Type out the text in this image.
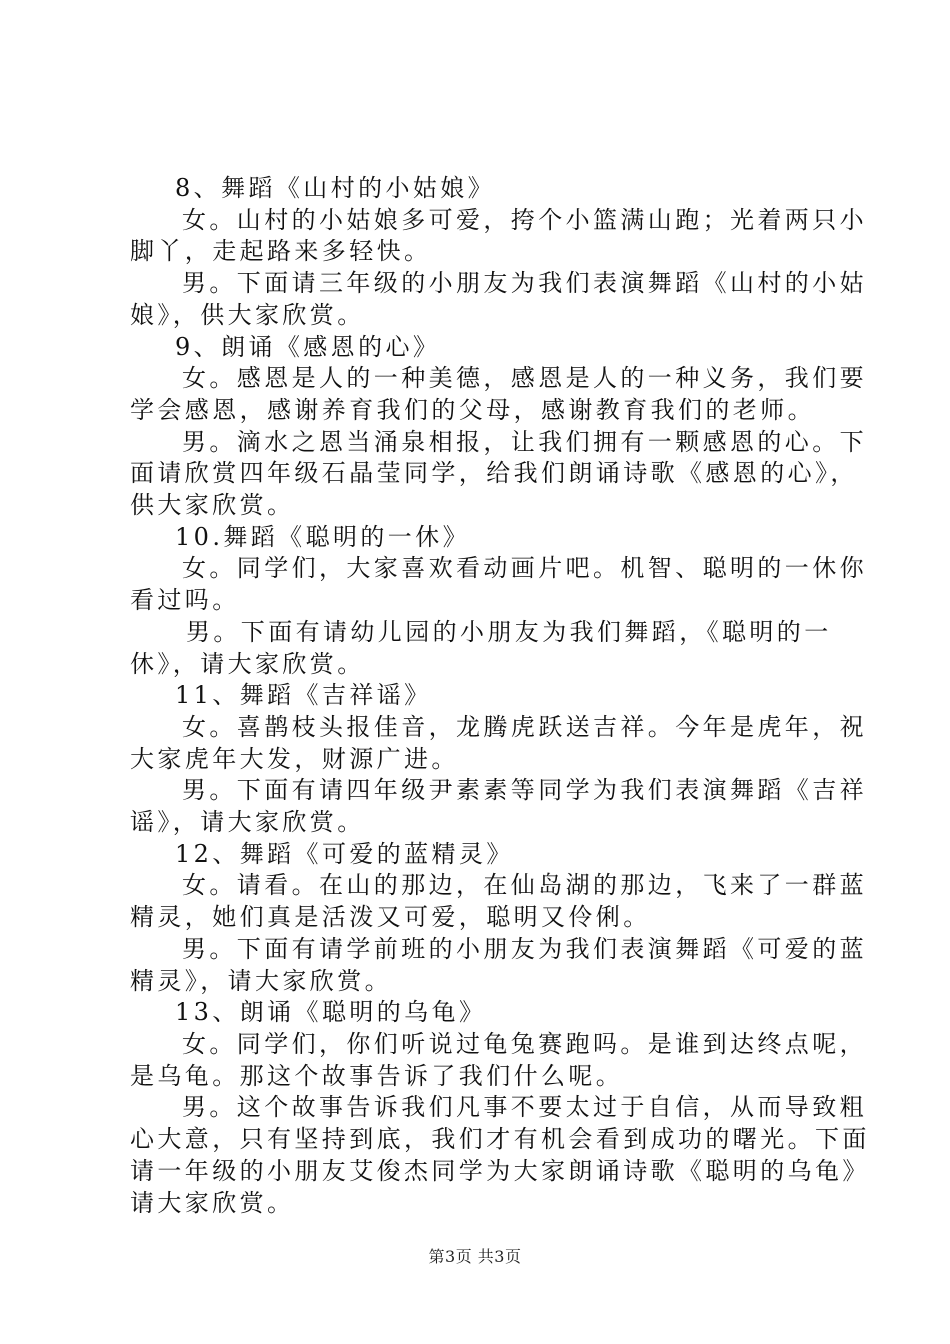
8、舞蹈《山村的小姑娘》
女。山村的小姑娘多可爱，挎个小篮满山跑；光着两只小
脚丫，走起路来多轻快。
男。下面请三年级的小朋友为我们表演舞蹈《山村的小姑
娘》，供大家欣赏。
9、朗诵《感恩的心》
女。感恩是人的一种美德，感恩是人的一种义务，我们要
学会感恩，感谢养育我们的父母，感谢教育我们的老师。
男。滴水之恩当涌泉相报，让我们拥有一颗感恩的心。下
面请欣赏四年级石晶莹同学，给我们朗诵诗歌《感恩的心》，
供大家欣赏。
10.舞蹈《聪明的一休》
女。同学们，大家喜欢看动画片吧。机智、聪明的一休你
看过吗。
男。下面有请幼儿园的小朋友为我们舞蹈，《聪明的一
休》，请大家欣赏。
11、舞蹈《吉祥谣》
女。喜鹊枝头报佳音，龙腾虎跃送吉祥。今年是虎年，祝
大家虎年大发，财源广进。
男。下面有请四年级尹素素等同学为我们表演舞蹈《吉祥
谣》，请大家欣赏。
12、舞蹈《可爱的蓝精灵》
女。请看。在山的那边，在仙岛湖的那边，飞来了一群蓝
精灵，她们真是活泼又可爱，聪明又伶俐。
男。下面有请学前班的小朋友为我们表演舞蹈《可爱的蓝
精灵》，请大家欣赏。
13、朗诵《聪明的乌龟》
女。同学们，你们听说过龟兔赛跑吗。是谁到达终点呢，
是乌龟。那这个故事告诉了我们什么呢。
男。这个故事告诉我们凡事不要太过于自信，从而导致粗
心大意，只有坚持到底，我们才有机会看到成功的曙光。下面
请一年级的小朋友艾俊杰同学为大家朗诵诗歌《聪明的乌龟》
请大家欣赏。
第3页 共3页
